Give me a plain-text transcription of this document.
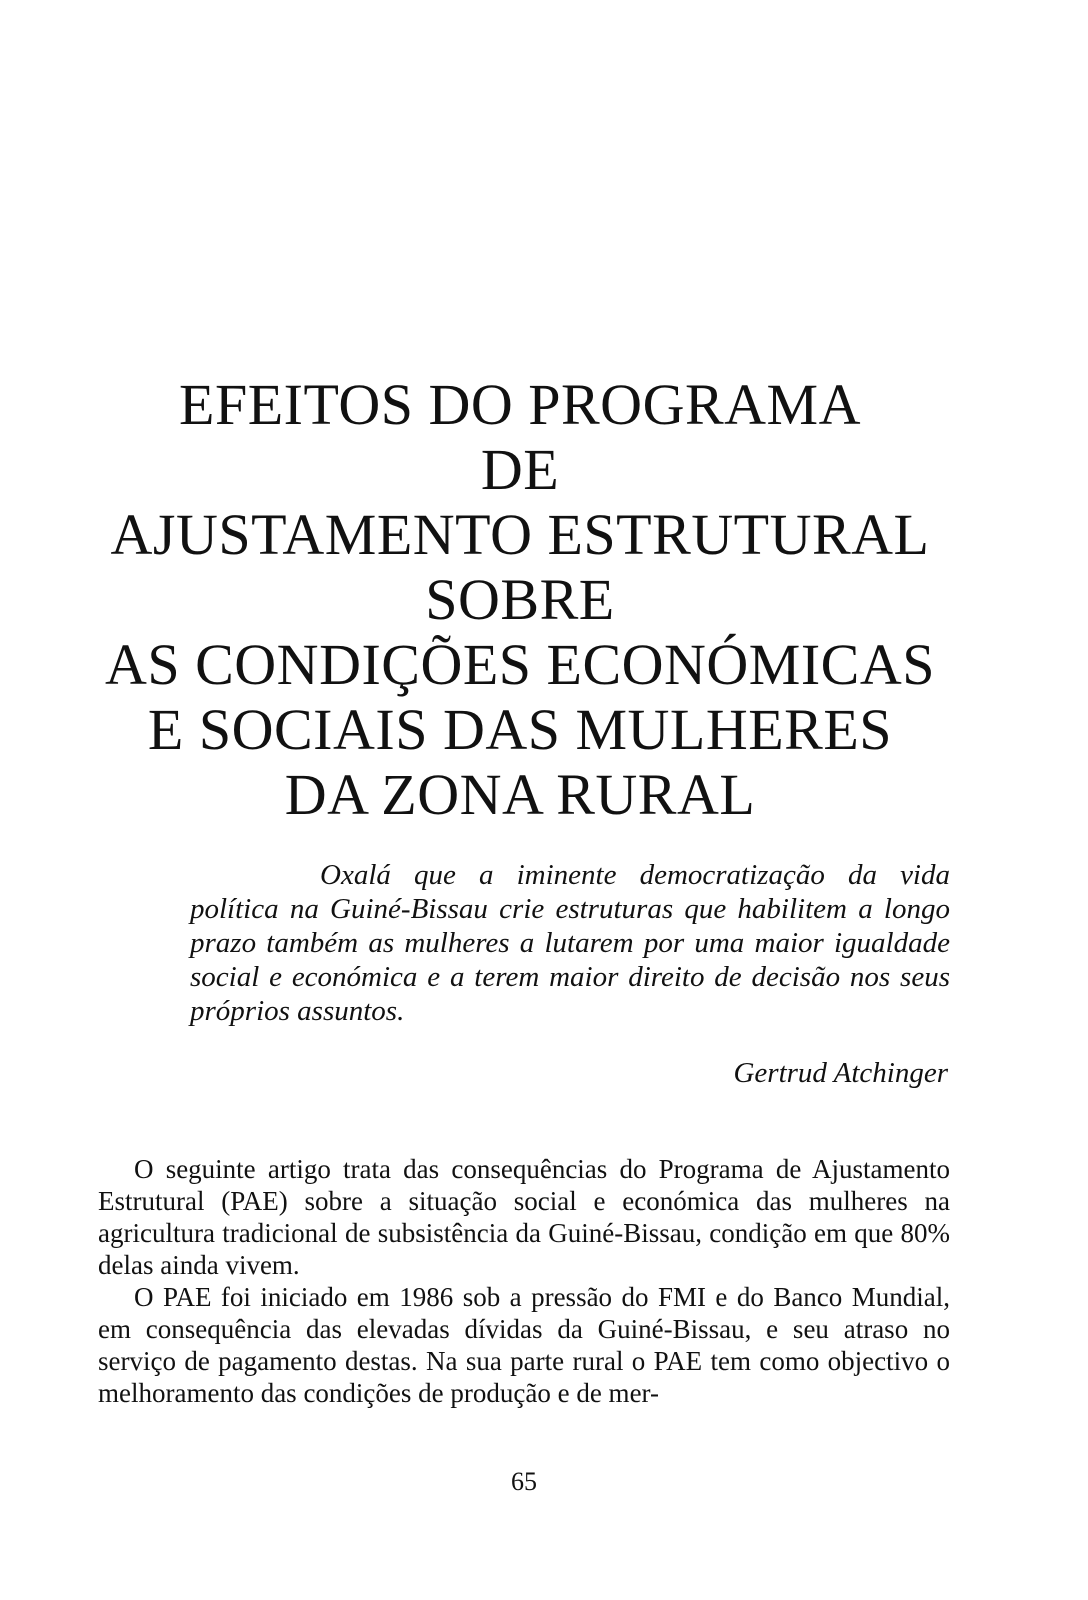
EFEITOS DO PROGRAMA
DE
AJUSTAMENTO ESTRUTURAL
SOBRE
AS CONDIÇÕES ECONÓMICAS
E SOCIAIS DAS MULHERES
DA ZONA RURAL
Oxalá que a iminente democratização da vida política na Guiné-Bissau crie estruturas que habilitem a longo prazo também as mulheres a lutarem por uma maior igualdade social e económica e a terem maior direito de decisão nos seus próprios assuntos.
Gertrud Atchinger

O seguinte artigo trata das consequências do Programa de Ajustamento Estrutural (PAE) sobre a situação social e económica das mulheres na agricultura tradicional de subsistência da Guiné-Bissau, condição em que 80% delas ainda vivem.

O PAE foi iniciado em 1986 sob a pressão do FMI e do Banco Mundial, em consequência das elevadas dívidas da Guiné-Bissau, e seu atraso no serviço de pagamento destas. Na sua parte rural o PAE tem como objectivo o melhoramento das condições de produção e de mer-

65
